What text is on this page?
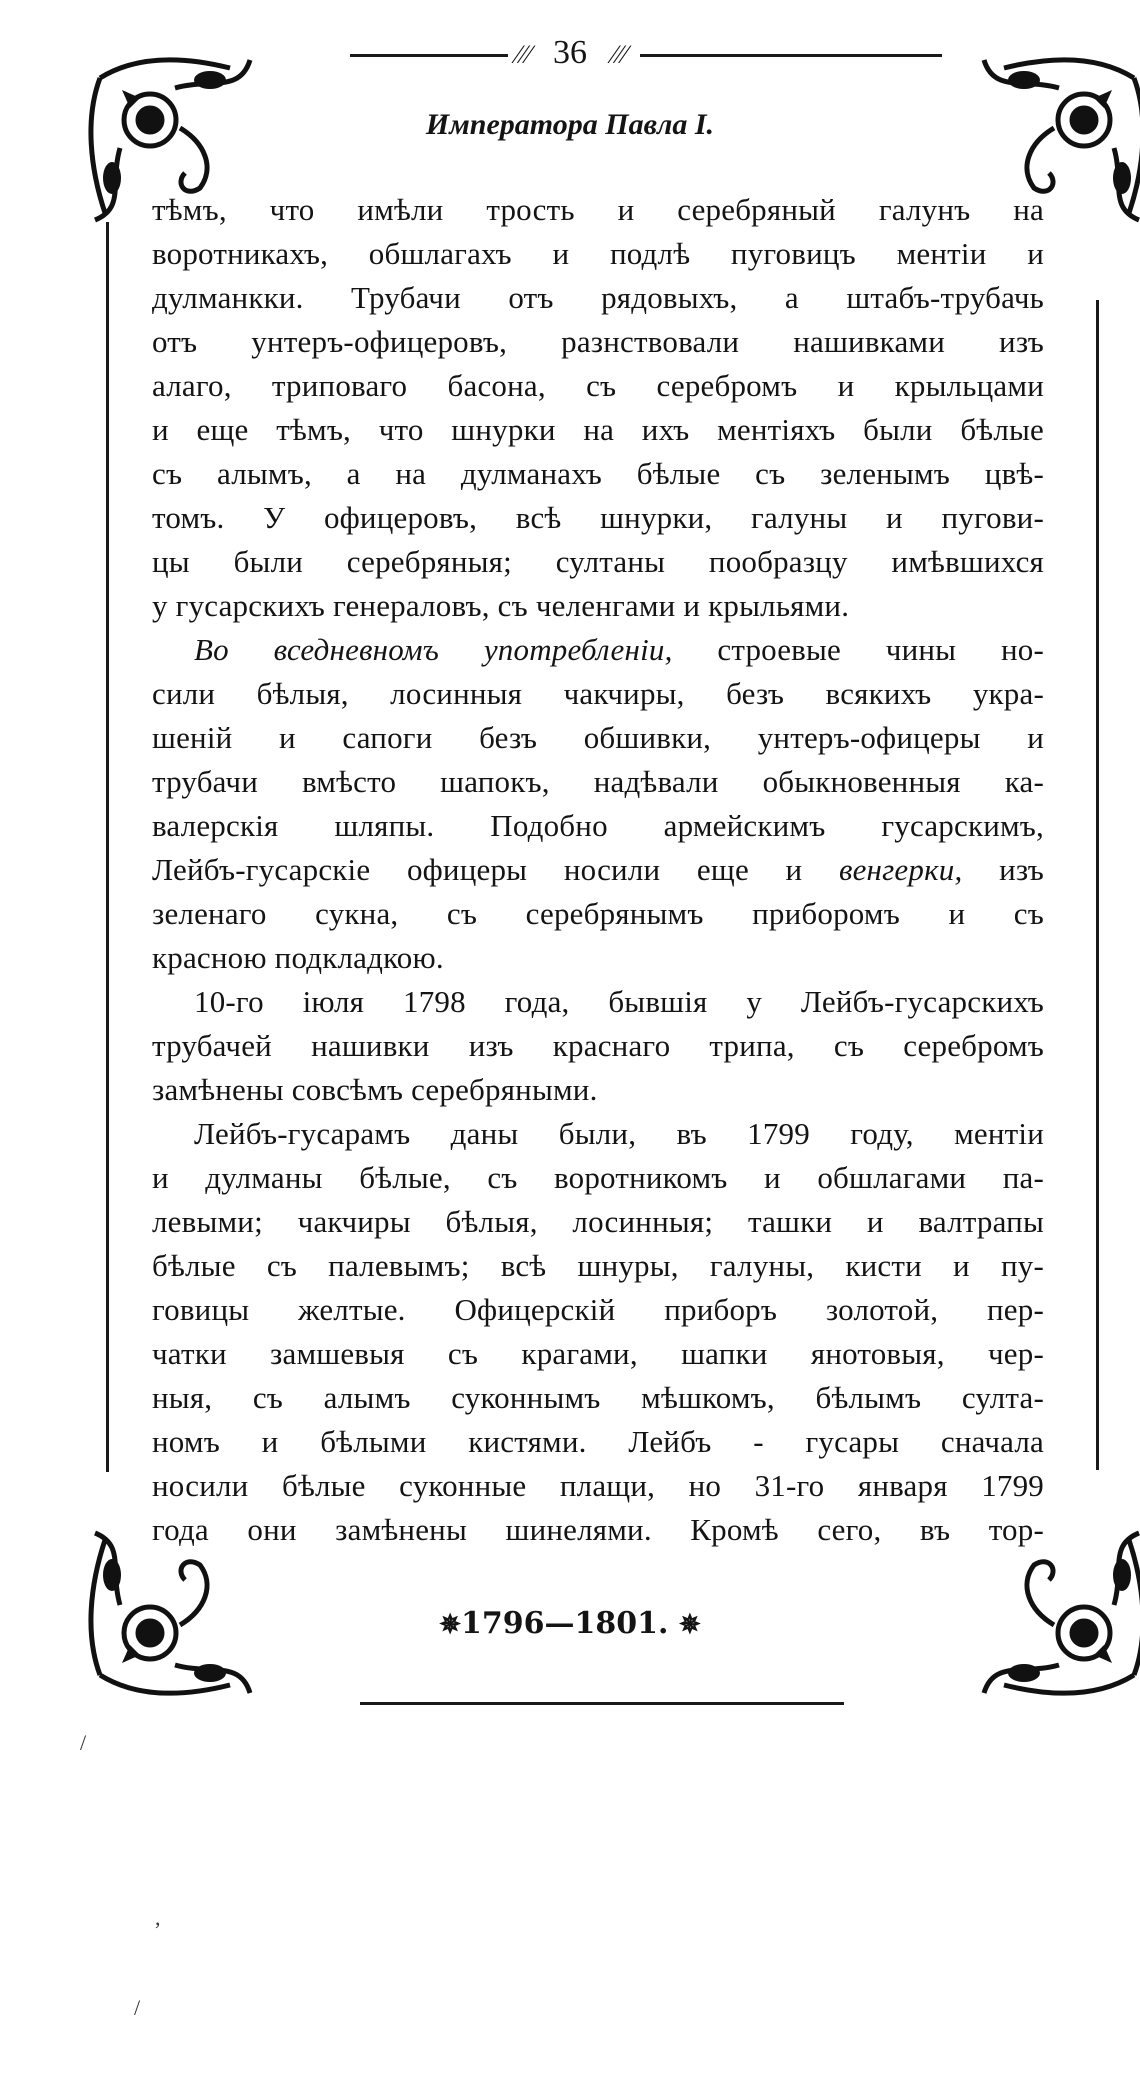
⁄⁄⁄	⁄⁄⁄
36
Императора Павла I.
тѣмъ, что имѣли трость и серебряный галунъ на
воротникахъ, обшлагахъ и подлѣ пуговицъ ментіи и
дулманкки. Трубачи отъ рядовыхъ, а штабъ-трубачь
отъ унтеръ-офицеровъ, разнствовали нашивками изъ
алаго, триповаго басона, съ серебромъ и крыльцами
и еще тѣмъ, что шнурки на ихъ ментіяхъ были бѣлые
съ алымъ, а на дулманахъ бѣлые съ зеленымъ цвѣ-
томъ. У офицеровъ, всѣ шнурки, галуны и пугови-
цы были серебряныя; султаны пообразцу имѣвшихся
у гусарскихъ генераловъ, съ челенгами и крыльями.
Во вседневномъ употребленіи, строевые чины но-
сили бѣлыя, лосинныя чакчиры, безъ всякихъ укра-
шеній и сапоги безъ обшивки, унтеръ-офицеры и
трубачи вмѣсто шапокъ, надѣвали обыкновенныя ка-
валерскія шляпы. Подобно армейскимъ гусарскимъ,
Лейбъ-гусарскіе офицеры носили еще и венгерки, изъ
зеленаго сукна, съ серебрянымъ приборомъ и съ
красною подкладкою.
10-го іюля 1798 года, бывшія у Лейбъ-гусарскихъ
трубачей нашивки изъ краснаго трипа, съ серебромъ
замѣнены совсѣмъ серебряными.
Лейбъ-гусарамъ даны были, въ 1799 году, ментіи
и дулманы бѣлые, съ воротникомъ и обшлагами па-
левыми; чакчиры бѣлыя, лосинныя; ташки и валтрапы
бѣлые съ палевымъ; всѣ шнуры, галуны, кисти и пу-
говицы желтые. Офицерскій приборъ золотой, пер-
чатки замшевыя съ крагами, шапки янотовыя, чер-
ныя, съ алымъ суконнымъ мѣшкомъ, бѣлымъ султа-
номъ и бѣлыми кистями. Лейбъ - гусары сначала
носили бѣлые суконные плащи, но 31-го января 1799
года они замѣнены шинелями. Кромѣ сего, въ тор-
✵1796—1801. ✵
/
,
/
